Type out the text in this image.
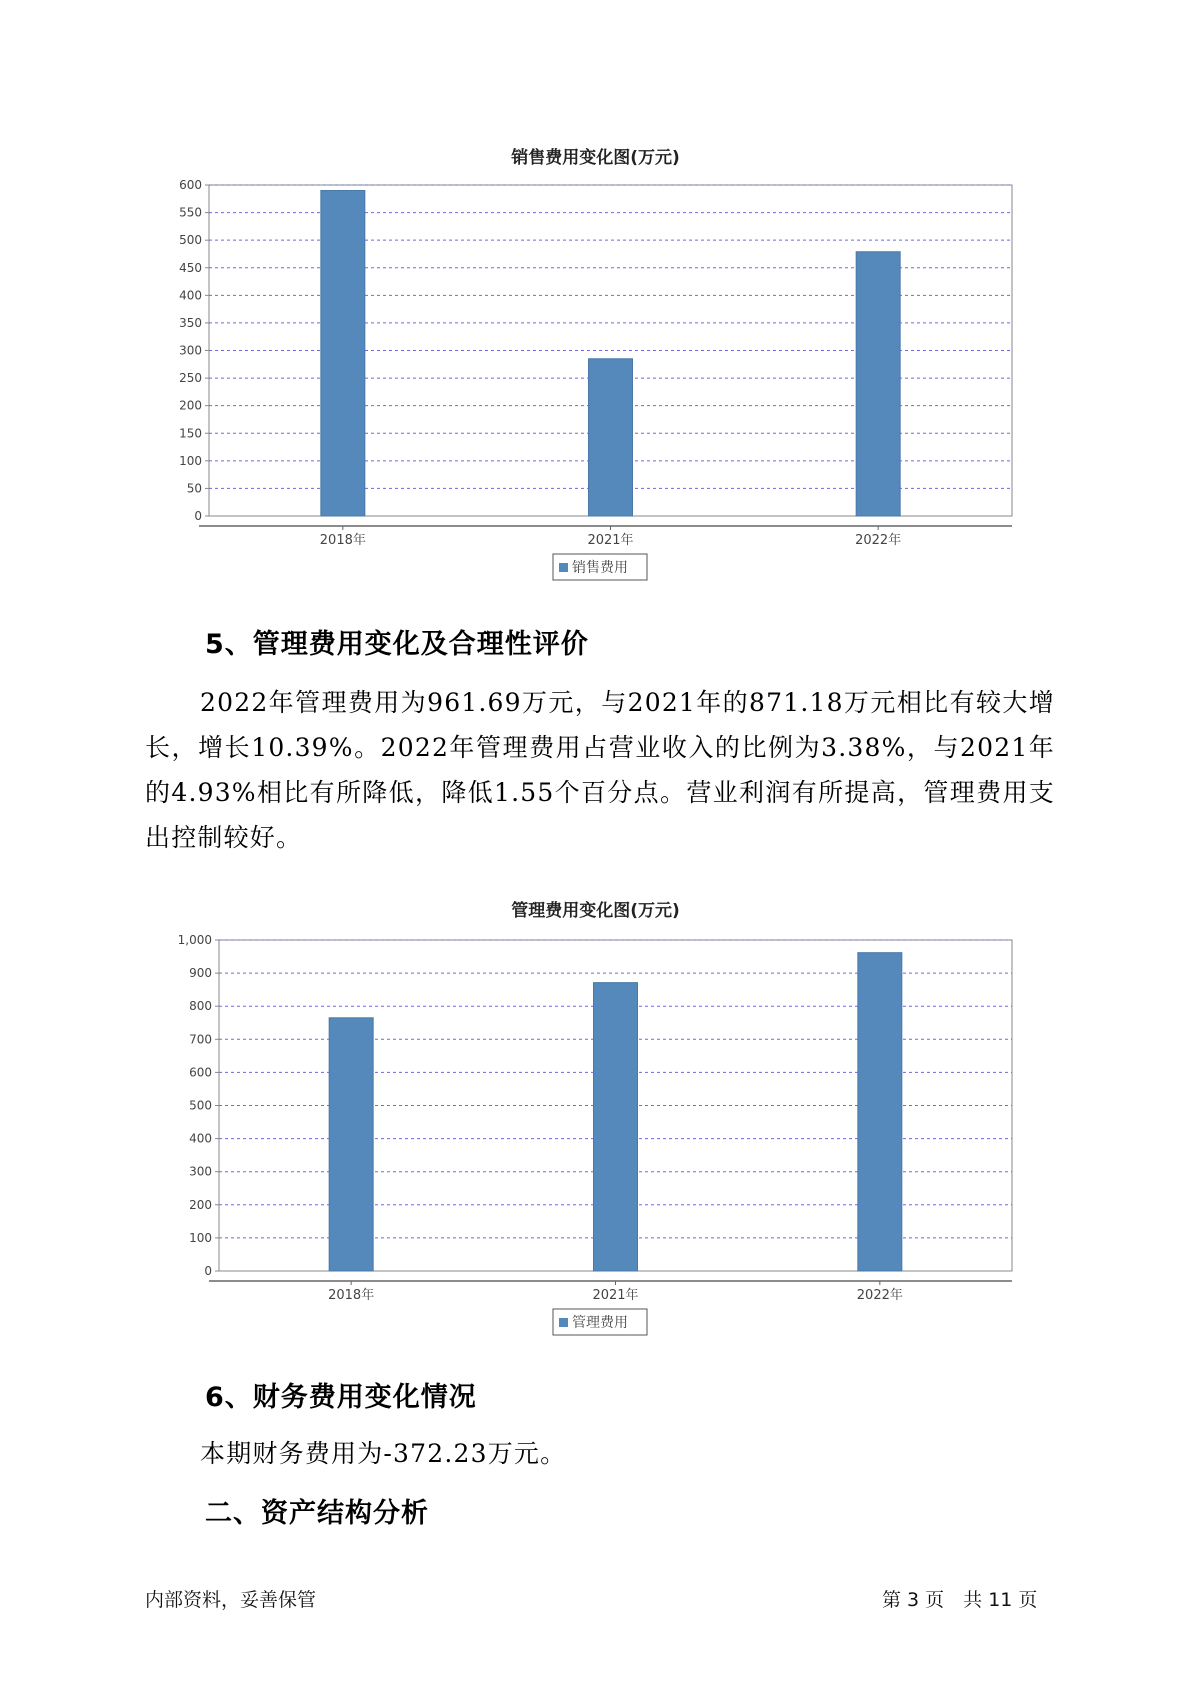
销售费用变化图(万元)
0
50
100
150
200
250
300
350
400
450
500
550
600
2018年	2021年	2022年
销售费用
5、管理费用变化及合理性评价

2022年管理费用为961.69万元，与2021年的871.18万元相比有较大增长，增长10.39%。2022年管理费用占营业收入的比例为3.38%，与2021年的4.93%相比有所降低，降低1.55个百分点。营业利润有所提高，管理费用支出控制较好。

管理费用变化图(万元)
0
100
200
300
400
500
600
700
800
900
1,000
2018年	2021年	2022年
管理费用
6、财务费用变化情况

本期财务费用为-372.23万元。

二、资产结构分析
内部资料，妥善保管	第 3 页　共 11 页
